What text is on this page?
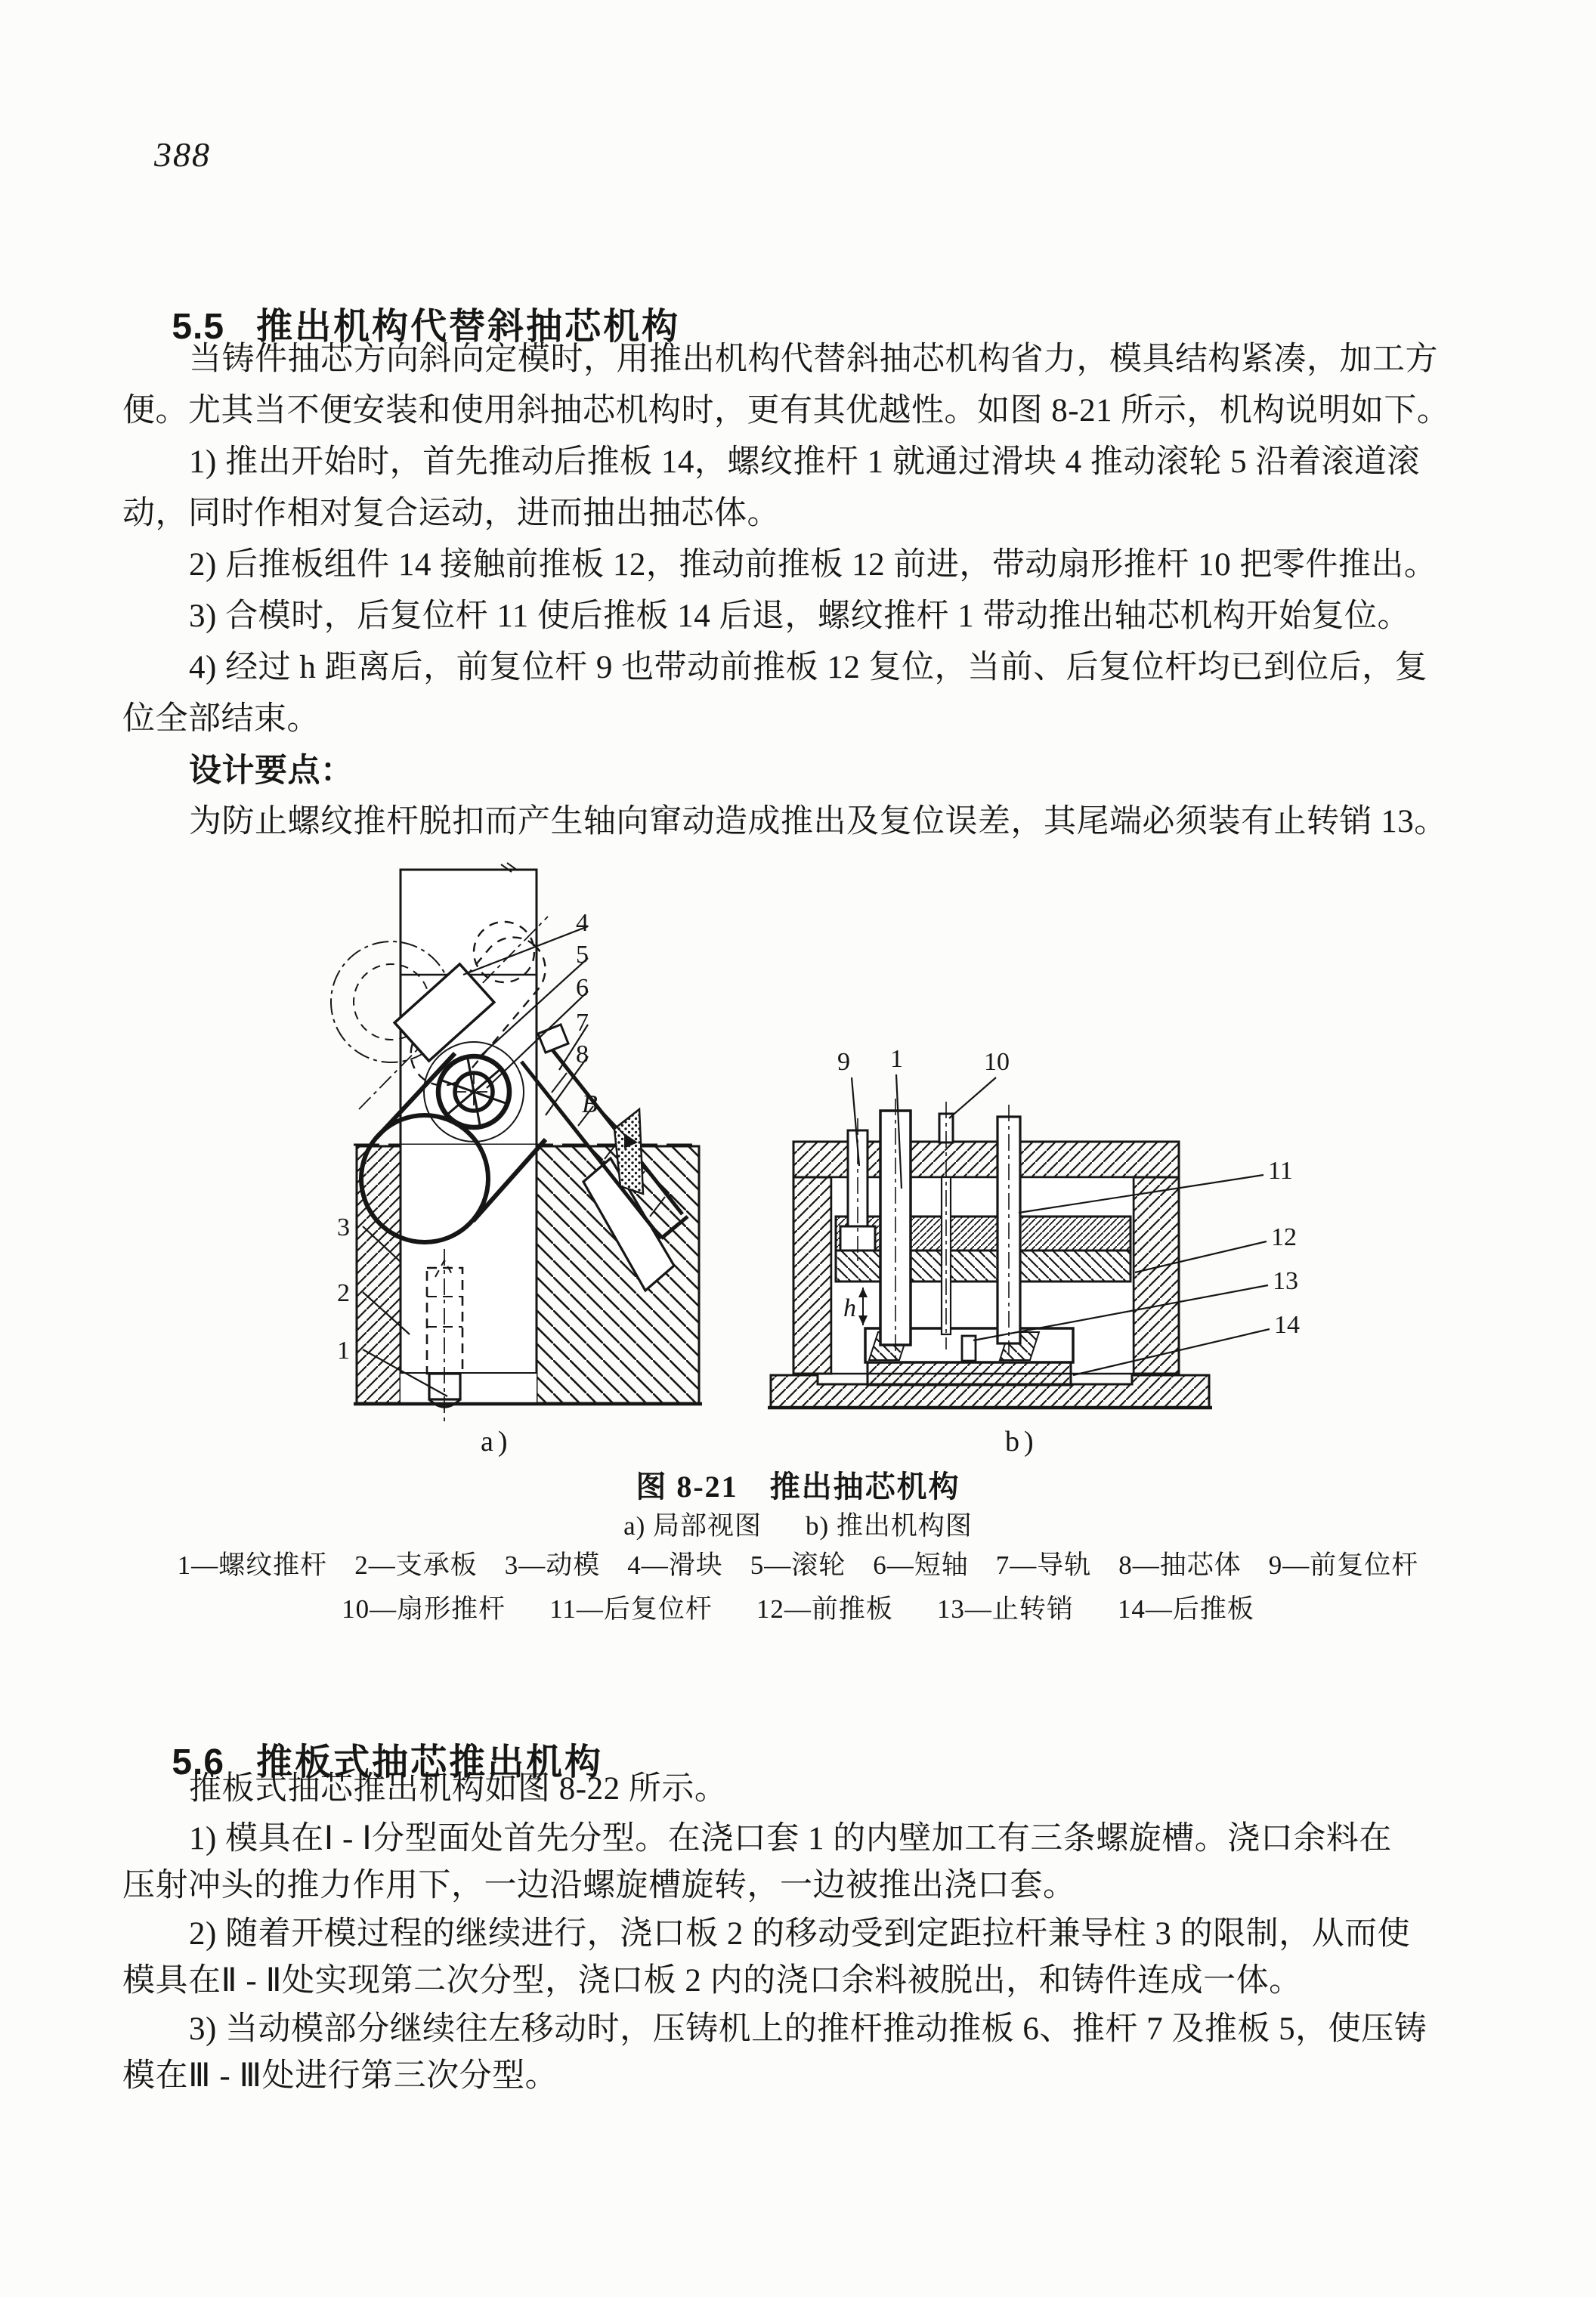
388

5.5 推出机构代替斜抽芯机构

当铸件抽芯方向斜向定模时，用推出机构代替斜抽芯机构省力，模具结构紧凑，加工方
便。尤其当不便安装和使用斜抽芯机构时，更有其优越性。如图 8-21 所示，机构说明如下。
1) 推出开始时，首先推动后推板 14，螺纹推杆 1 就通过滑块 4 推动滚轮 5 沿着滚道滚
动，同时作相对复合运动，进而抽出抽芯体。
2) 后推板组件 14 接触前推板 12，推动前推板 12 前进，带动扇形推杆 10 把零件推出。
3) 合模时，后复位杆 11 使后推板 14 后退，螺纹推杆 1 带动推出轴芯机构开始复位。
4) 经过 h 距离后，前复位杆 9 也带动前推板 12 复位，当前、后复位杆均已到位后，复
位全部结束。
设计要点：
为防止螺纹推杆脱扣而产生轴向窜动造成推出及复位误差，其尾端必须装有止转销 13。
4
5
6
7
8
B
3
2
1
a)
9 1	10
11
12
13
14
h
b)
图 8-21　推出抽芯机构
a) 局部视图 b) 推出机构图
1—螺纹推杆 2—支承板 3—动模 4—滑块 5—滚轮 6—短轴 7—导轨 8—抽芯体 9—前复位杆
10—扇形推杆 11—后复位杆 12—前推板 13—止转销 14—后推板

5.6 推板式抽芯推出机构

推板式抽芯推出机构如图 8-22 所示。
1) 模具在Ⅰ - Ⅰ分型面处首先分型。在浇口套 1 的内壁加工有三条螺旋槽。浇口余料在
压射冲头的推力作用下，一边沿螺旋槽旋转，一边被推出浇口套。
2) 随着开模过程的继续进行，浇口板 2 的移动受到定距拉杆兼导柱 3 的限制，从而使
模具在Ⅱ - Ⅱ处实现第二次分型，浇口板 2 内的浇口余料被脱出，和铸件连成一体。
3) 当动模部分继续往左移动时，压铸机上的推杆推动推板 6、推杆 7 及推板 5，使压铸
模在Ⅲ - Ⅲ处进行第三次分型。
